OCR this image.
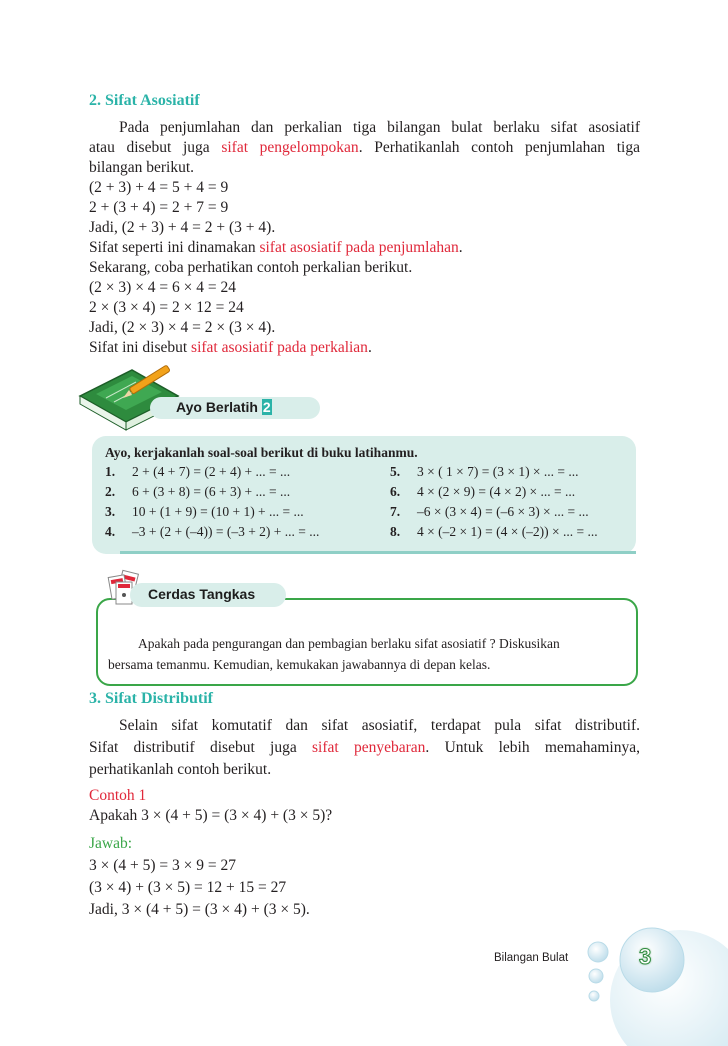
2. Sifat Asosiatif
Pada penjumlahan dan perkalian tiga bilangan bulat berlaku sifat asosiatif
atau disebut juga sifat pengelompokan. Perhatikanlah contoh penjumlahan tiga
bilangan berikut.
(2 + 3) + 4 = 5 + 4 = 9
2 + (3 + 4) = 2 + 7 = 9
Jadi, (2 + 3) + 4 = 2 + (3 + 4).
Sifat seperti ini dinamakan sifat asosiatif pada penjumlahan.
Sekarang, coba perhatikan contoh perkalian berikut.
(2 × 3) × 4 = 6 × 4 = 24
2 × (3 × 4) = 2 × 12 = 24
Jadi, (2 × 3) × 4 = 2 × (3 × 4).
Sifat ini disebut sifat asosiatif pada perkalian.
Ayo Berlatih 2
Ayo, kerjakanlah soal-soal berikut di buku latihanmu.
1. 2 + (4 + 7) = (2 + 4) + ... = ...
2. 6 + (3 + 8) = (6 + 3) + ... = ...
3. 10 + (1 + 9) = (10 + 1) + ... = ...
4. –3 + (2 + (–4)) = (–3 + 2) + ... = ...
5. 3 × ( 1 × 7) = (3 × 1) × ... = ...
6. 4 × (2 × 9) = (4 × 2) × ... = ...
7. –6 × (3 × 4) = (–6 × 3) × ... = ...
8. 4 × (–2 × 1) = (4 × (–2)) × ... = ...
Cerdas Tangkas
Apakah pada pengurangan dan pembagian berlaku sifat asosiatif ? Diskusikan
bersama temanmu. Kemudian, kemukakan jawabannya di depan kelas.
3. Sifat Distributif
Selain sifat komutatif dan sifat asosiatif, terdapat pula sifat distributif.
Sifat distributif disebut juga sifat penyebaran. Untuk lebih memahaminya,
perhatikanlah contoh berikut.
Contoh 1
Apakah 3 × (4 + 5) = (3 × 4) + (3 × 5)?
Jawab:
3 × (4 + 5) = 3 × 9 = 27
(3 × 4) + (3 × 5) = 12 + 15 = 27
Jadi, 3 × (4 + 5) = (3 × 4) + (3 × 5).
Bilangan Bulat	3
